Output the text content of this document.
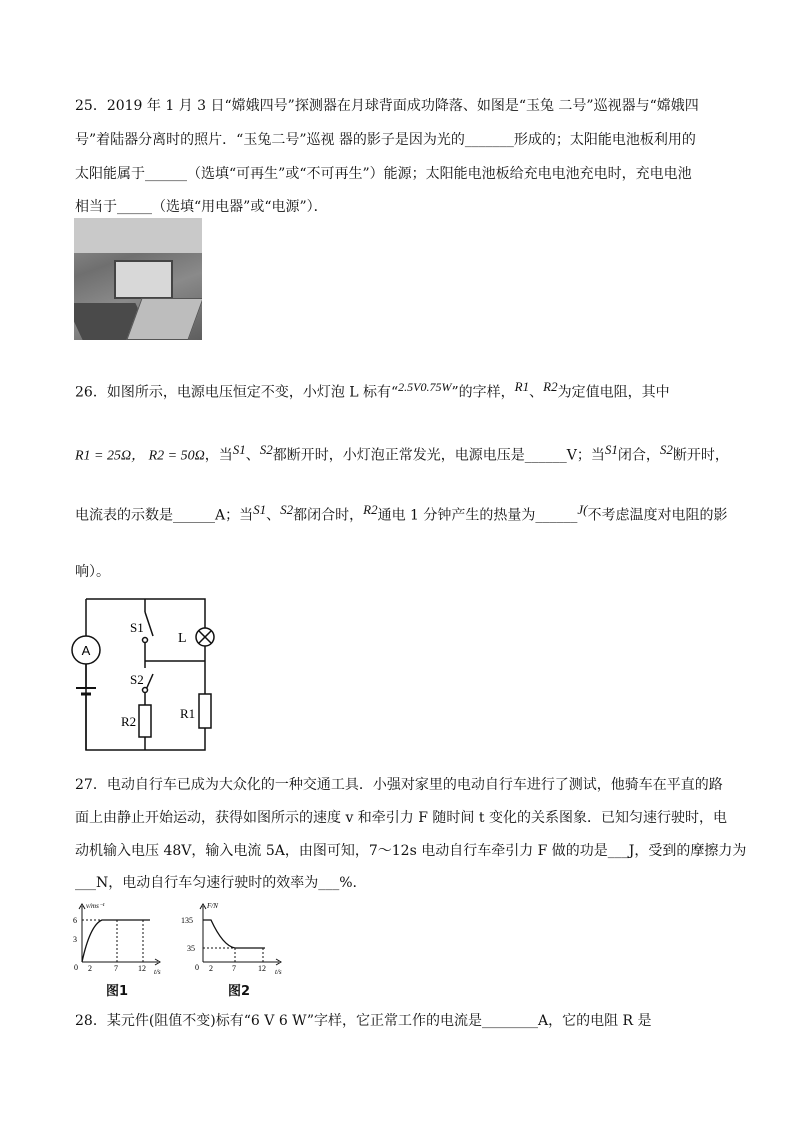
25．2019 年 1 月 3 日“嫦娥四号”探测器在月球背面成功降落、如图是“玉兔 二号”巡视器与“嫦娥四
号”着陆器分离时的照片．“玉兔二号”巡视 器的影子是因为光的_______形成的；太阳能电池板利用的
太阳能属于______（选填“可再生”或“不可再生”）能源；太阳能电池板给充电电池充电时，充电电池
相当于_____（选填“用电器”或“电源”）．
26．如图所示，电源电压恒定不变，小灯泡 L 标有“$^{2.5V0.75W}$”的字样，$^{R1}$、$^{R2}$为定值电阻，其中
R1 = 25Ω， R2 = 50Ω，当$^{S1}$、$^{S2}$都断开时，小灯泡正常发光，电源电压是______V；当$^{S1}$闭合，$^{S2}$断开时，
电流表的示数是______A；当$^{S1}$、$^{S2}$都闭合时，$^{R2}$通电 1 分钟产生的热量为______$^{J(}$不考虑温度对电阻的影
响）。
A
S1
L
S2
R1
R2
27．电动自行车已成为大众化的一种交通工具．小强对家里的电动自行车进行了测试，他骑车在平直的路
面上由静止开始运动，获得如图所示的速度 v 和牵引力 F 随时间 t 变化的关系图象．已知匀速行驶时，电
动机输入电压 48V，输入电流 5A，由图可知，7～12s 电动自行车牵引力 F 做的功是___J，受到的摩擦力为
___N，电动自行车匀速行驶时的效率为___%.
v/ms⁻¹
t/s
6
3
0 2	7	12
图1
F/N
t/s
135
35
0 2 7	12
图2
28．某元件(阻值不变)标有“6 V 6 W”字样，它正常工作的电流是________A，它的电阻 R 是
